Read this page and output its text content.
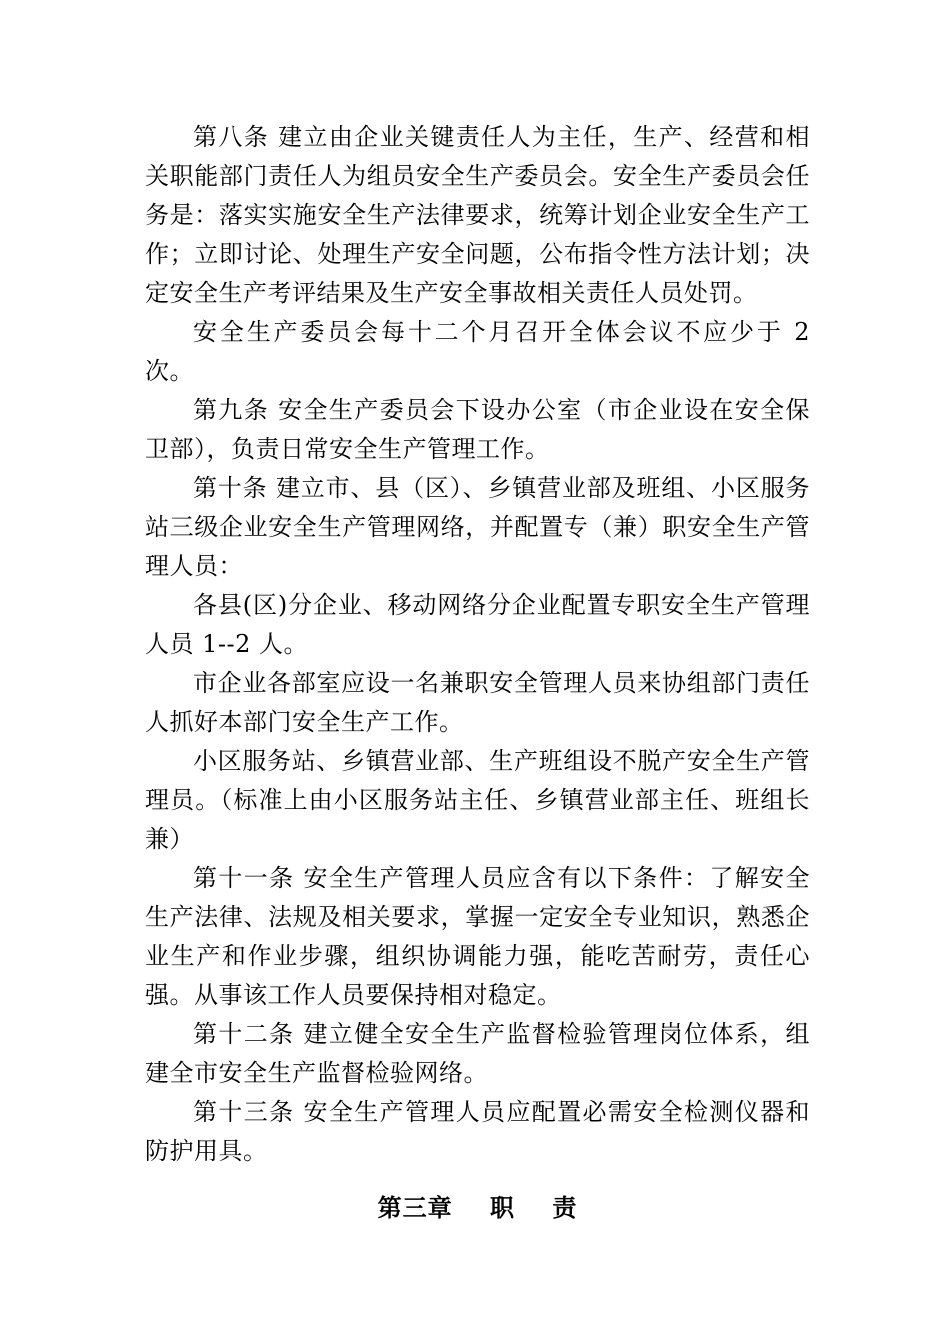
第八条 建立由企业关键责任人为主任，生产、经营和相关职能部门责任人为组员安全生产委员会。安全生产委员会任务是：落实实施安全生产法律要求，统筹计划企业安全生产工作；立即讨论、处理生产安全问题，公布指令性方法计划；决定安全生产考评结果及生产安全事故相关责任人员处罚。

安全生产委员会每十二个月召开全体会议不应少于 2 次。

第九条 安全生产委员会下设办公室（市企业设在安全保卫部），负责日常安全生产管理工作。

第十条 建立市、县（区）、乡镇营业部及班组、小区服务站三级企业安全生产管理网络，并配置专（兼）职安全生产管理人员：

各县(区)分企业、移动网络分企业配置专职安全生产管理人员 1--2 人。

市企业各部室应设一名兼职安全管理人员来协组部门责任人抓好本部门安全生产工作。

小区服务站、乡镇营业部、生产班组设不脱产安全生产管理员。（标准上由小区服务站主任、乡镇营业部主任、班组长兼）

第十一条 安全生产管理人员应含有以下条件：了解安全生产法律、法规及相关要求，掌握一定安全专业知识，熟悉企业生产和作业步骤，组织协调能力强，能吃苦耐劳，责任心强。从事该工作人员要保持相对稳定。

第十二条 建立健全安全生产监督检验管理岗位体系，组建全市安全生产监督检验网络。

第十三条 安全生产管理人员应配置必需安全检测仪器和防护用具。

第三章    职    责
